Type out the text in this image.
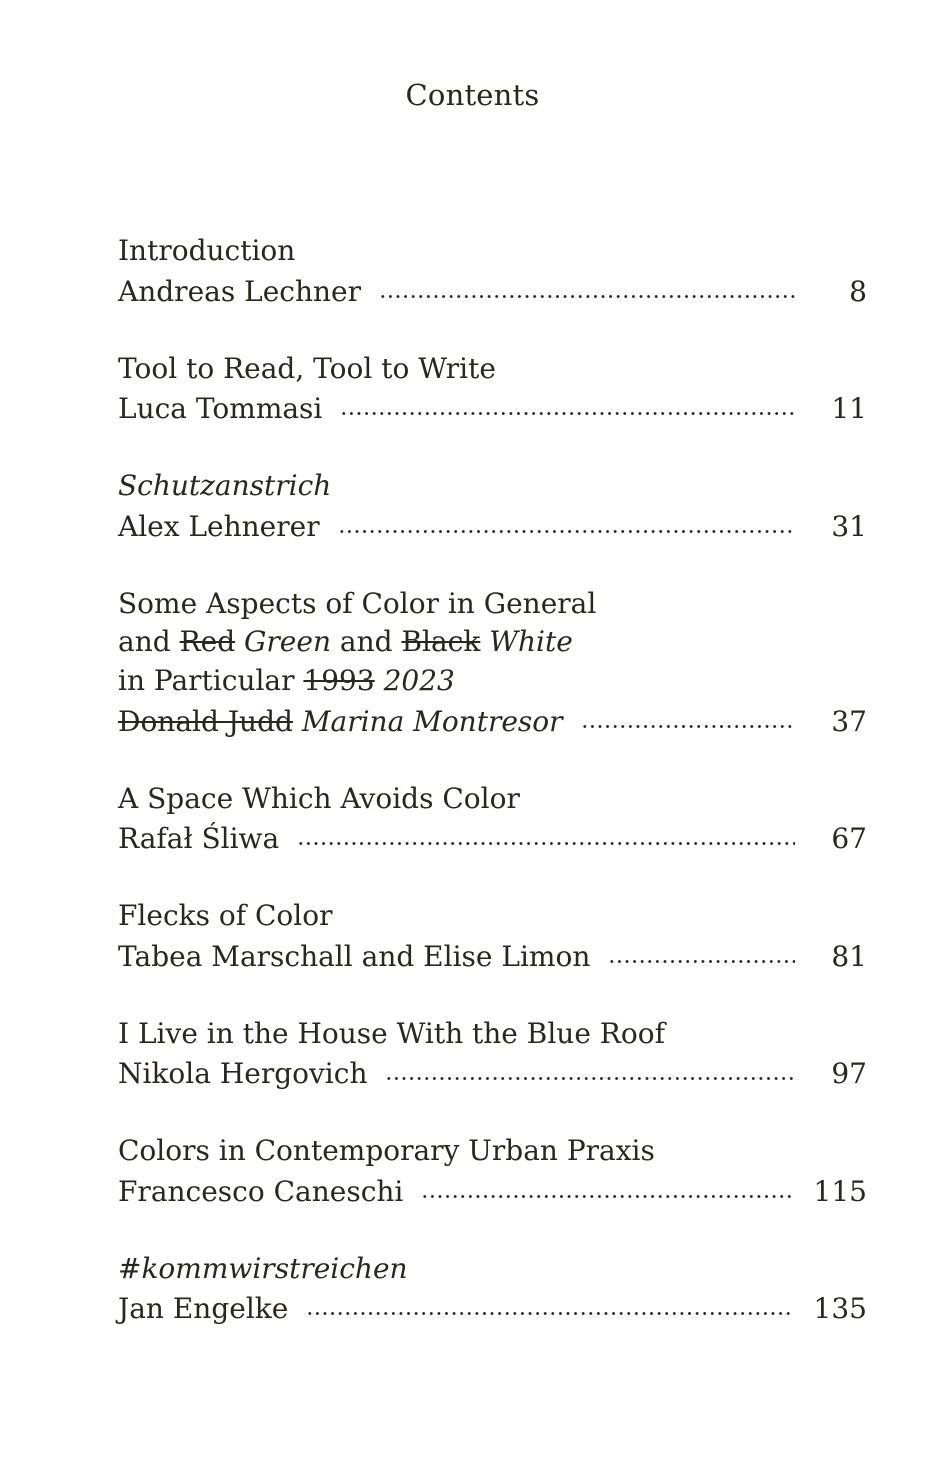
Contents
Introduction
Andreas Lechner	8
Tool to Read, Tool to Write
Luca Tommasi	11
Schutzanstrich
Alex Lehnerer	31
Some Aspects of Color in General
and Red Green and Black White
in Particular 1993 2023
Donald Judd Marina Montresor	37
A Space Which Avoids Color
Rafał Śliwa	67
Flecks of Color
Tabea Marschall and Elise Limon	81
I Live in the House With the Blue Roof
Nikola Hergovich	97
Colors in Contemporary Urban Praxis
Francesco Caneschi	115
#kommwirstreichen
Jan Engelke	135
